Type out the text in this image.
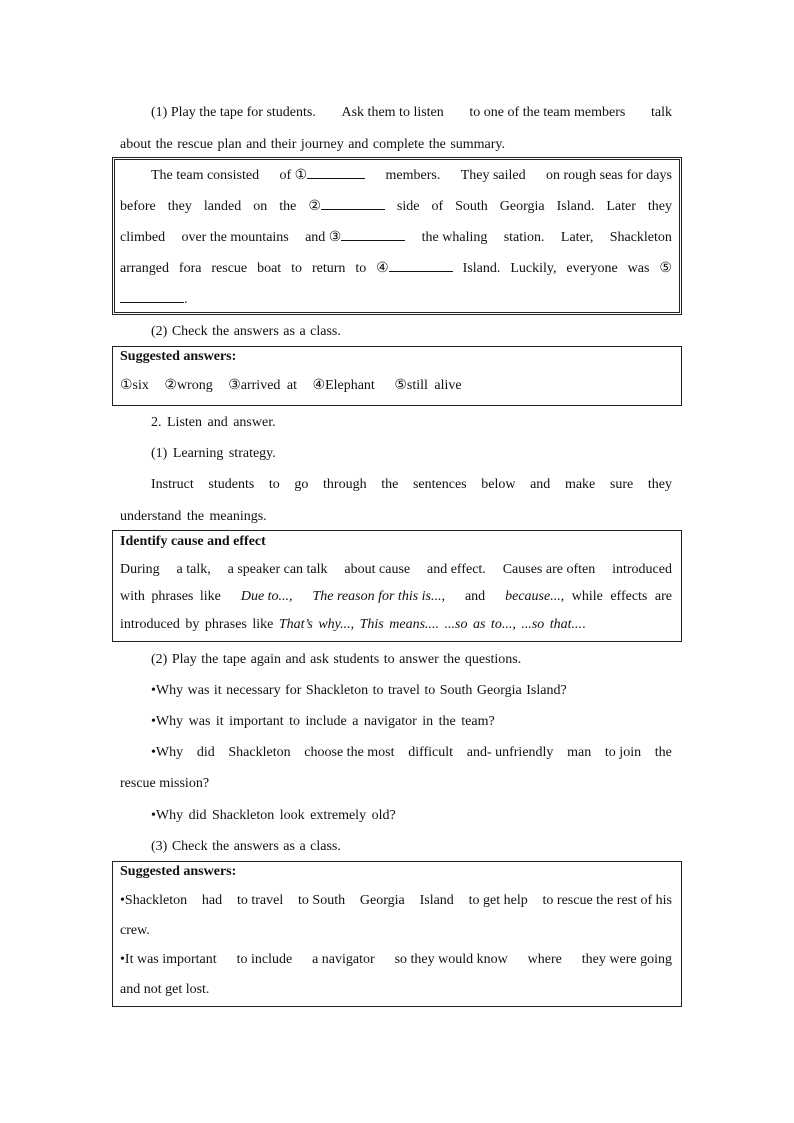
(1) Play the tape for students. Ask them to listen to one of the team members talk
about the rescue plan and their journey and complete the summary.
The team consisted of ①	members. They sailed on rough seas for days
before they landed on the ②	side of South Georgia Island. Later they
climbed over the mountains and ③	the whaling station. Later, Shackleton
arranged fora rescue boat to return to ④	Island. Luckily, everyone was ⑤
.
(2) Check the answers as a class.
Suggested answers:
①six ②wrong ③arrived at ④Elephant ⑤still alive
2. Listen and answer.
(1) Learning strategy.
Instruct students to go through the sentences below and make sure they
understand the meanings.
Identify cause and effect
During a talk, a speaker can talk about cause and effect. Causes are often introduced
with phrases like Due to..., The reason for this is..., and because..., while effects are
introduced by phrases like That’s why..., This means.... ...so as to..., ...so that....
(2) Play the tape again and ask students to answer the questions.
•Why was it necessary for Shackleton to travel to South Georgia Island?
•Why was it important to include a navigator in the team?
•Why did Shackleton choose the most difficult and- unfriendly man to join the
rescue mission?
•Why did Shackleton look extremely old?
(3) Check the answers as a class.
Suggested answers:
•Shackleton had to travel to South Georgia Island to get help to rescue the rest of his
crew.
•It was important to include a navigator so they would know where they were going
and not get lost.
